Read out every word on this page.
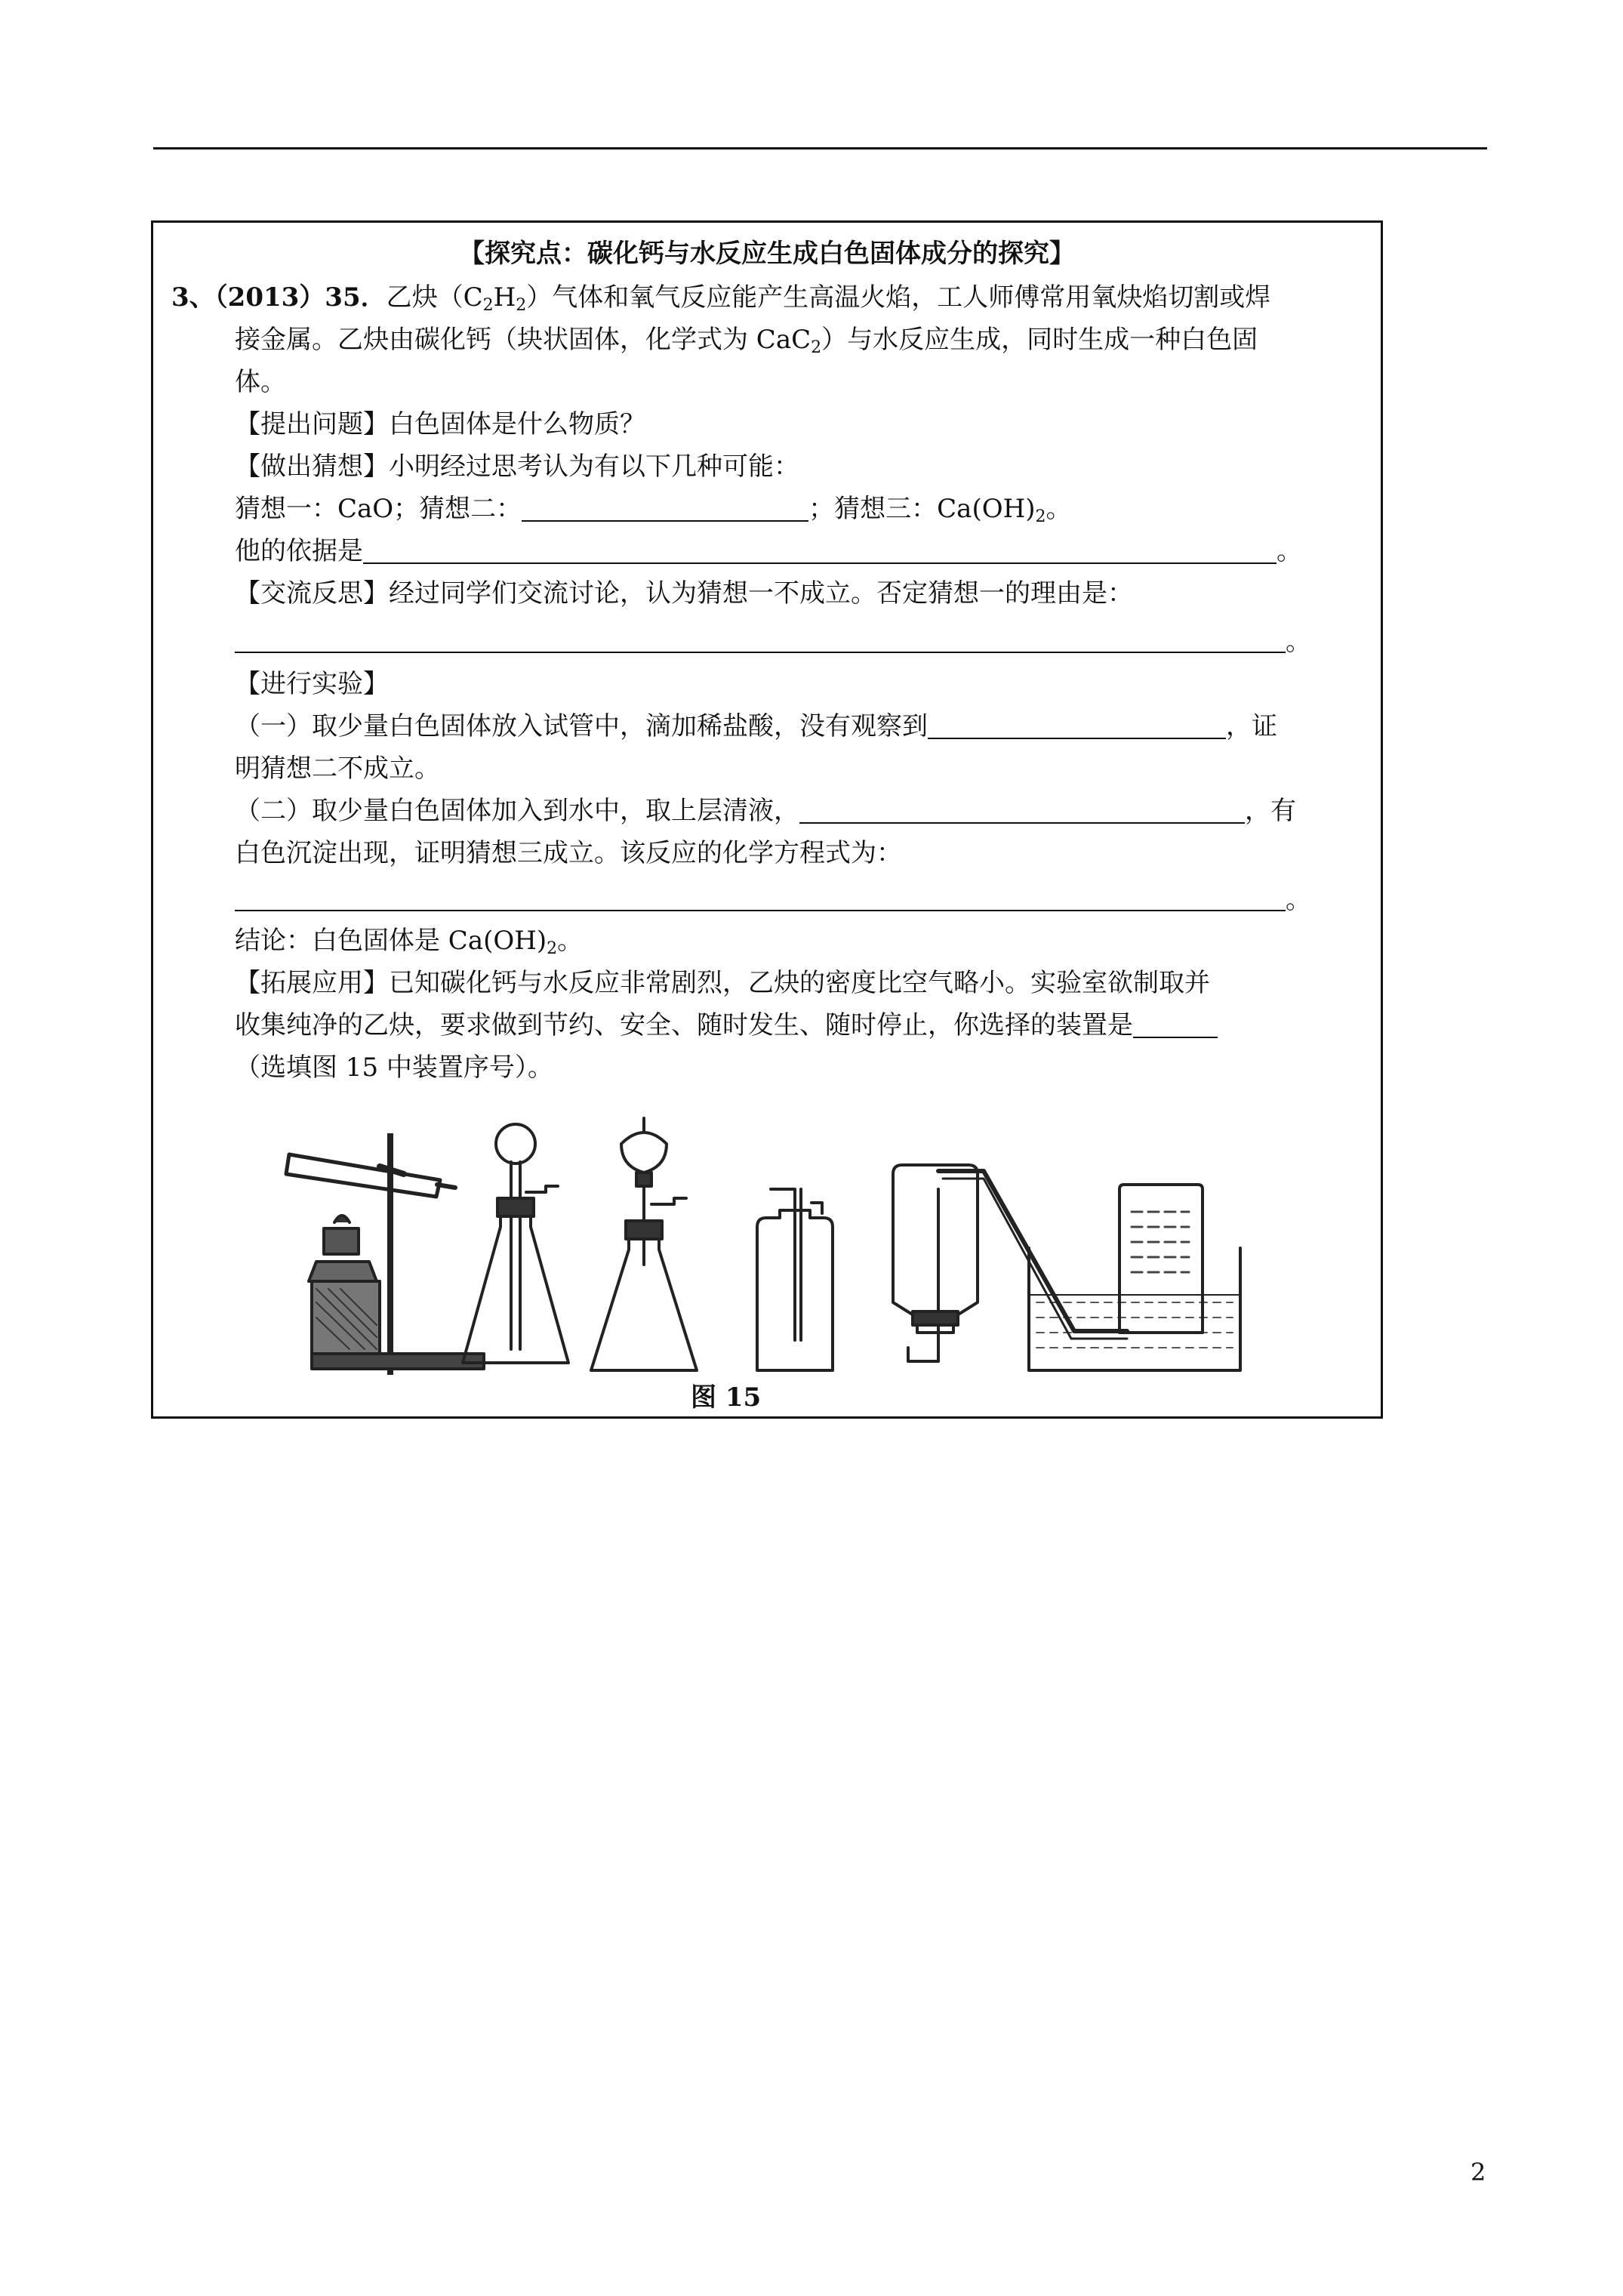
【探究点：碳化钙与水反应生成白色固体成分的探究】
3、（2013）35．乙炔$(C_2H_2)$气体和氧气反应能产生高温火焰，工人师傅常用氧炔焰切割或焊
接金属。乙炔由碳化钙（块状固体，化学式为 CaC$_2$）与水反应生成，同时生成一种白色固
体。
【提出问题】白色固体是什么物质？
【做出猜想】小明经过思考认为有以下几种可能：
猜想一：CaO；猜想二：	；猜想三：$Ca(OH)_2$。
他的依据是	。
【交流反思】经过同学们交流讨论，认为猜想一不成立。否定猜想一的理由是：
。
【进行实验】
（一）取少量白色固体放入试管中，滴加稀盐酸，没有观察到	，证
明猜想二不成立。
（二）取少量白色固体加入到水中，取上层清液，	，有
白色沉淀出现，证明猜想三成立。该反应的化学方程式为：
。
结论：白色固体是 $Ca(OH)_2$。
【拓展应用】已知碳化钙与水反应非常剧烈，乙炔的密度比空气略小。实验室欲制取并
收集纯净的乙炔，要求做到节约、安全、随时发生、随时停止，你选择的装置是
（选填图 15 中装置序号）。
图 15
2
